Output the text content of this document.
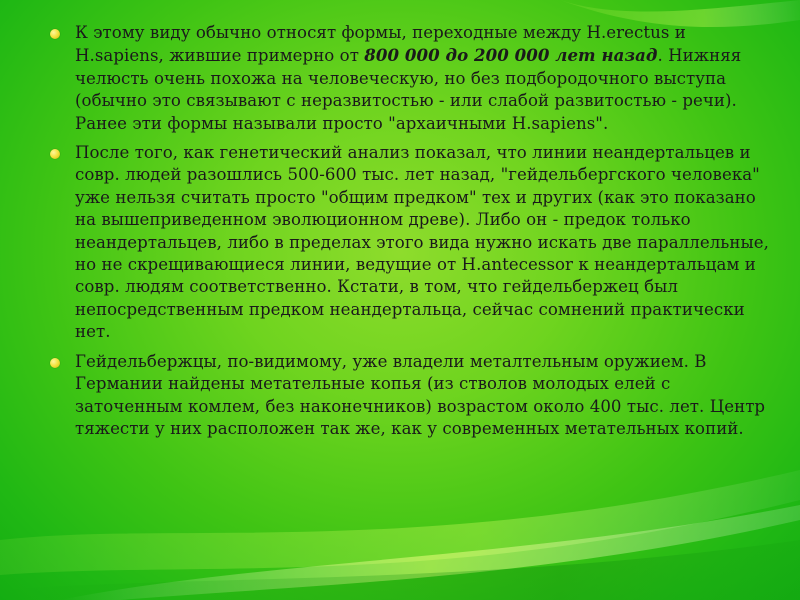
К этому виду обычно относят формы, переходные между H.erectus и H.sapiens, жившие примерно от 800 000 до 200 000 лет назад. Нижняя челюсть очень похожа на человеческую, но без подбородочного выступа (обычно это связывают с неразвитостью - или слабой развитостью - речи). Ранее эти формы называли просто "архаичными H.sapiens".

После того, как генетический анализ показал, что линии неандертальцев и совр. людей разошлись 500-600 тыс. лет назад, "гейдельбергского человека" уже нельзя считать просто "общим предком" тех и других (как это показано на вышеприведенном эволюционном древе). Либо он - предок только неандертальцев, либо в пределах этого вида нужно искать две параллельные, но не скрещивающиеся линии, ведущие от H.antecessor к неандертальцам и совр. людям соответственно. Кстати, в том, что гейдельбержец был непосредственным предком неандертальца, сейчас сомнений практически нет.

Гейдельбержцы, по-видимому, уже владели металтельным оружием. В Германии найдены метательные копья (из стволов молодых елей с заточенным комлем, без наконечников) возрастом около 400 тыс. лет. Центр тяжести у них расположен так же, как у современных метательных копий.
